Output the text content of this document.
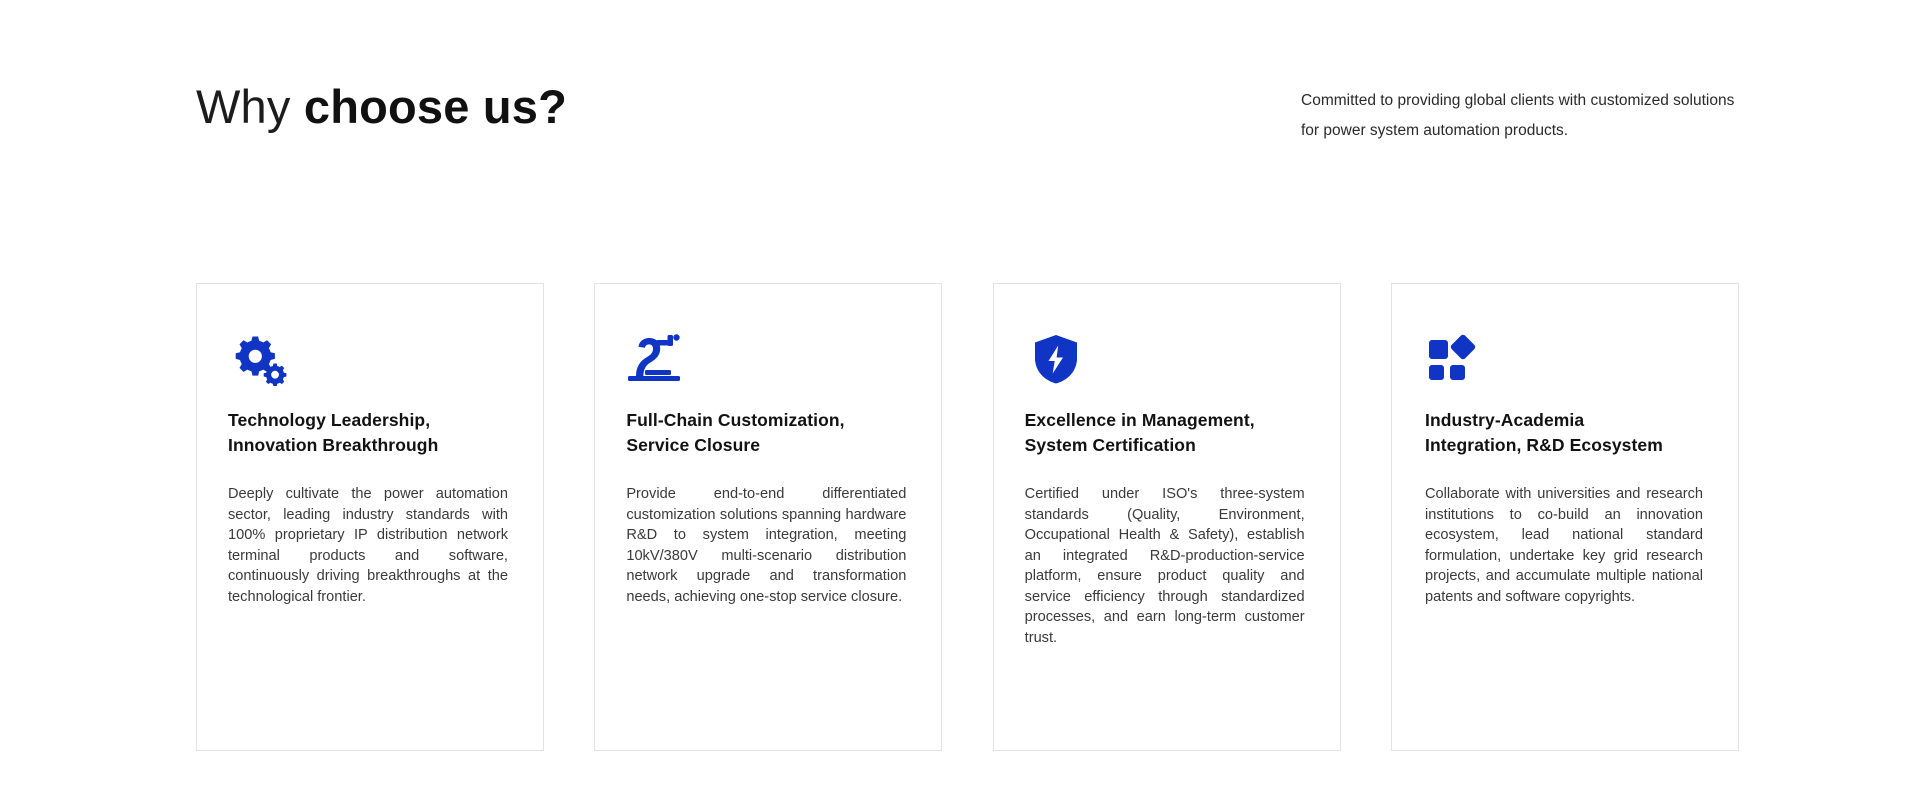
Why choose us?	Committed to providing global clients with customized solutions for power system automation products.
Technology Leadership, Innovation Breakthrough
Deeply cultivate the power automation sector, leading industry standards with 100% proprietary IP distribution network terminal products and software, continuously driving breakthroughs at the technological frontier.
Full-Chain Customization, Service Closure
Provide end-to-end differentiated customization solutions spanning hardware R&D to system integration, meeting 10kV/380V multi-scenario distribution network upgrade and transformation needs, achieving one-stop service closure.
Excellence in Management, System Certification
Certified under ISO's three-system standards (Quality, Environment, Occupational Health & Safety), establish an integrated R&D-production-service platform, ensure product quality and service efficiency through standardized processes, and earn long-term customer trust.
Industry-Academia Integration, R&D Ecosystem
Collaborate with universities and research institutions to co-build an innovation ecosystem, lead national standard formulation, undertake key grid research projects, and accumulate multiple national patents and software copyrights.
